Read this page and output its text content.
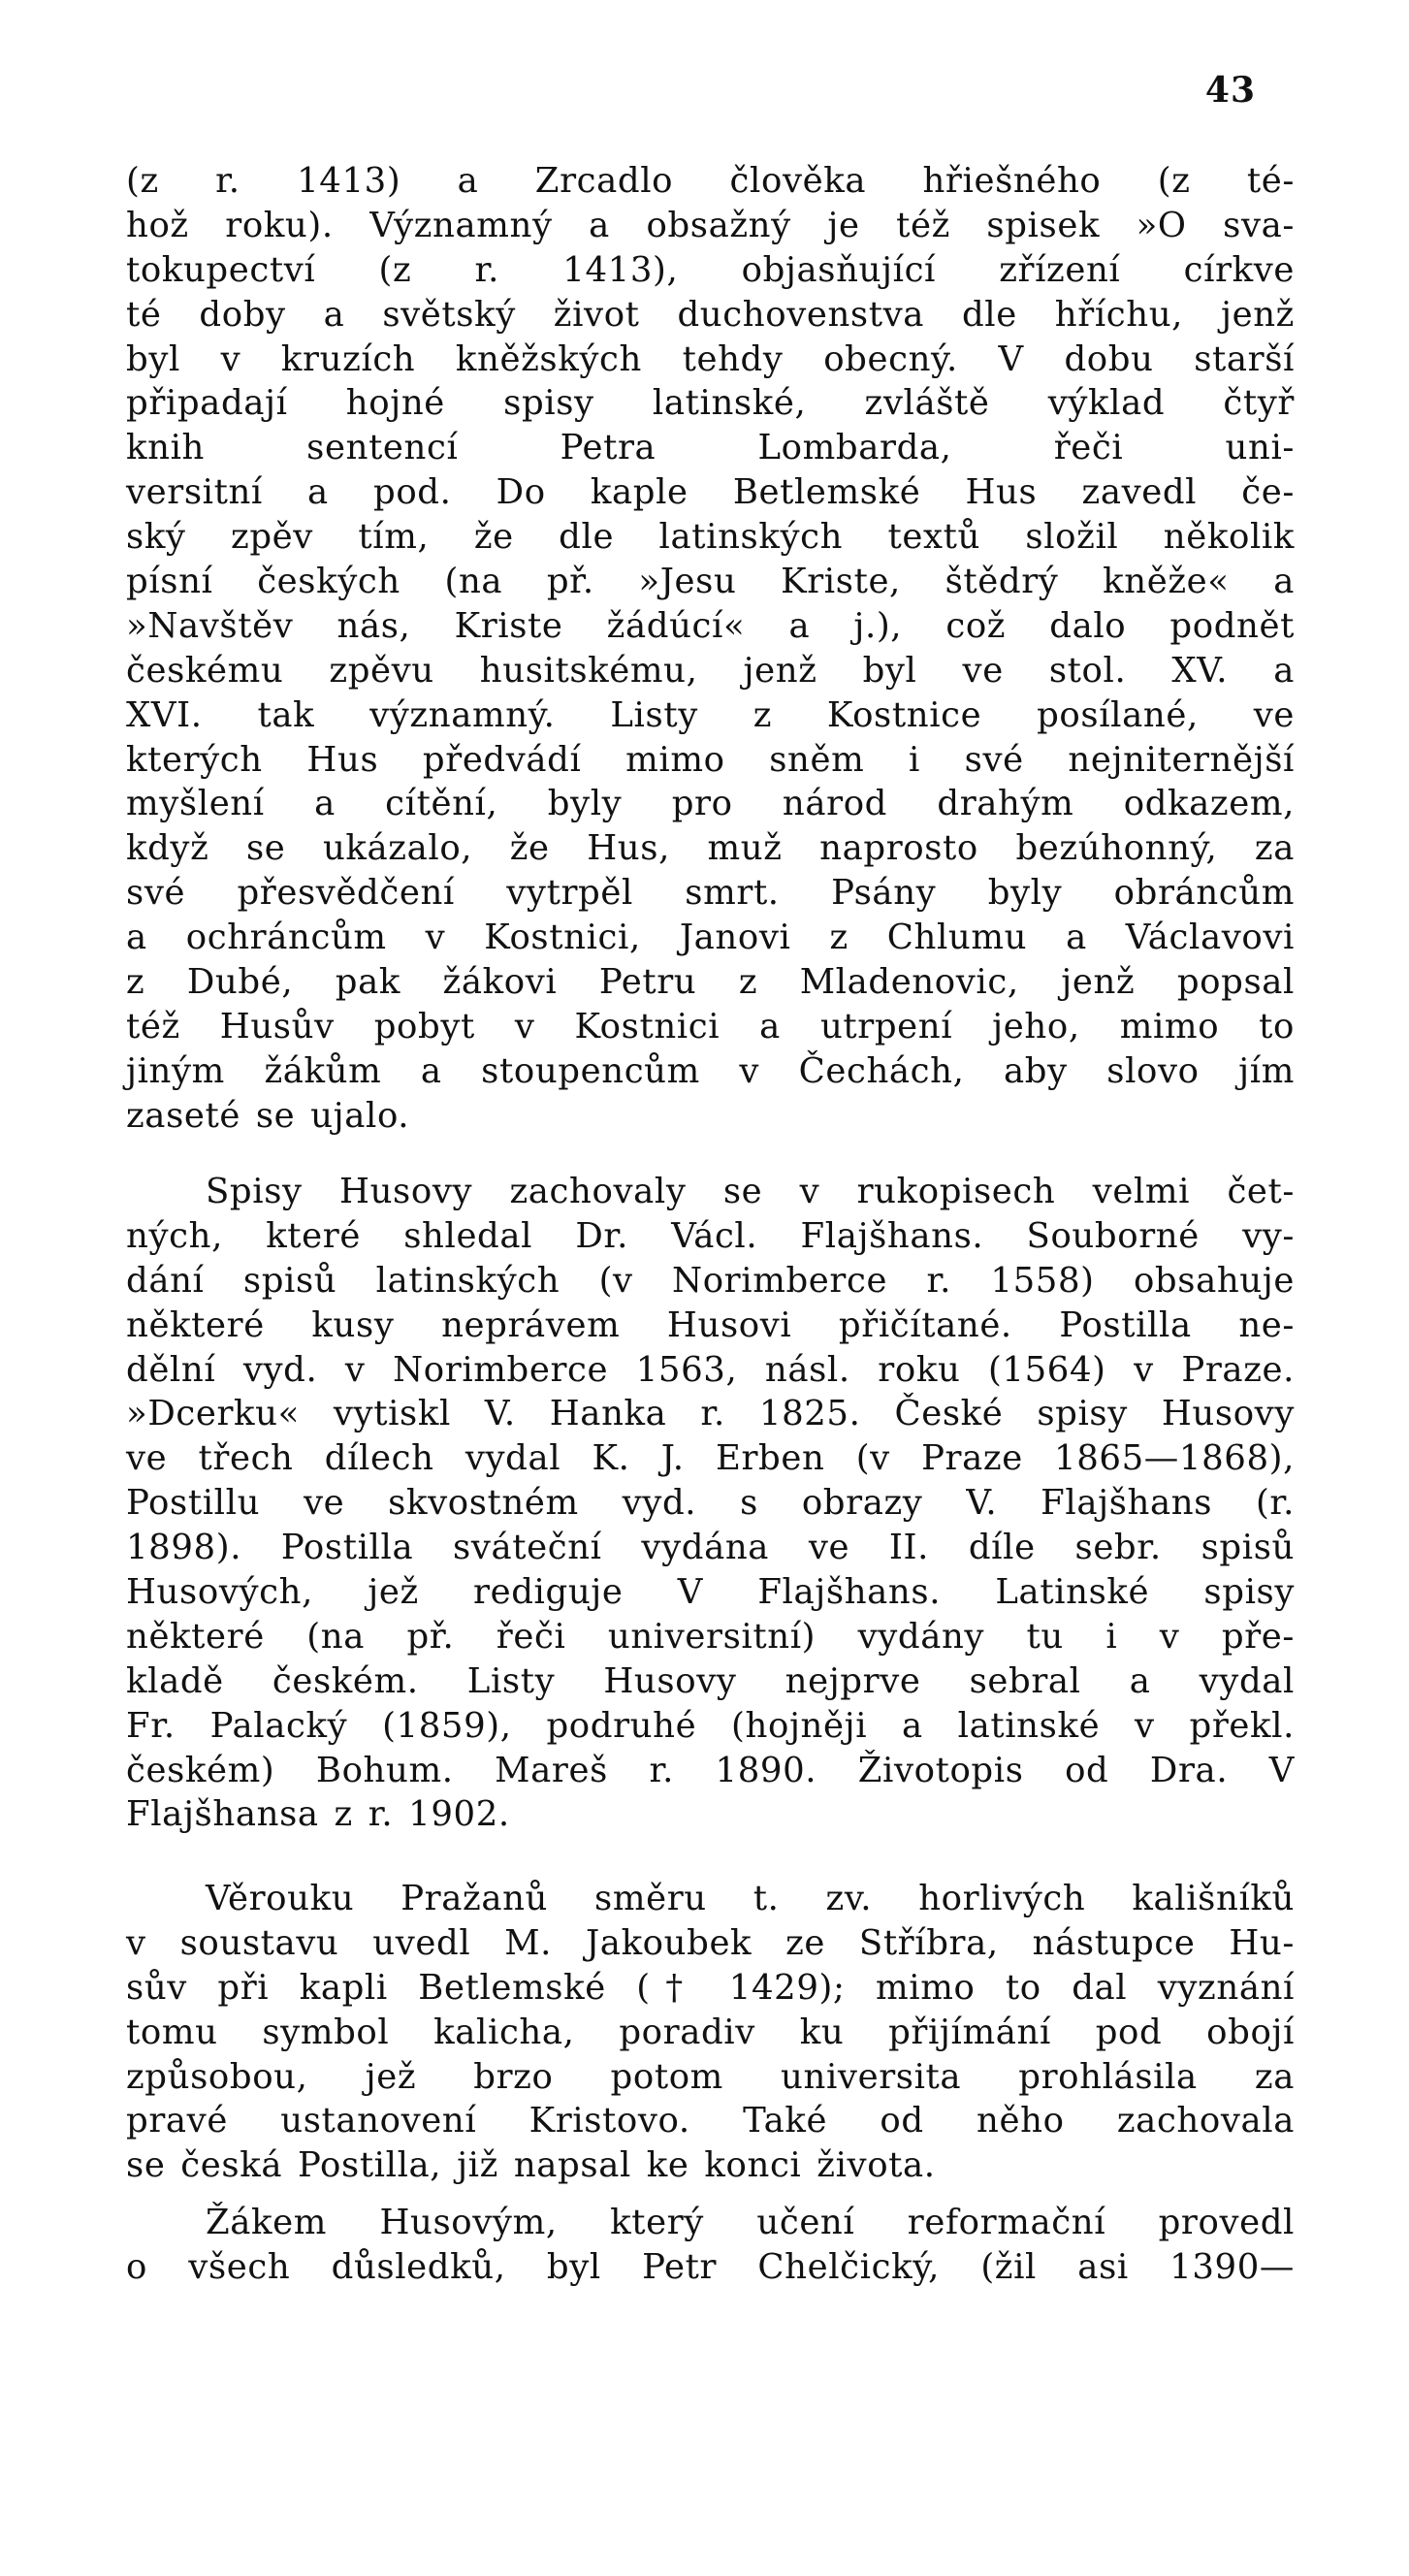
43
(z r. 1413) a Zrcadlo člověka hřiešného (z té-
hož roku). Významný a obsažný je též spisek »O sva-
tokupectví (z r. 1413), objasňující zřízení církve
té doby a světský život duchovenstva dle hříchu, jenž
byl v kruzích kněžských tehdy obecný. V dobu starší
připadají hojné spisy latinské, zvláště výklad čtyř
knih sentencí Petra Lombarda, řeči uni-
versitní a pod. Do kaple Betlemské Hus zavedl če-
ský zpěv tím, že dle latinských textů složil několik
písní českých (na př. »Jesu Kriste, štědrý kněže« a
»Navštěv nás, Kriste žádúcí« a j.), což dalo podnět
českému zpěvu husitskému, jenž byl ve stol. XV. a
XVI. tak významný. Listy z Kostnice posílané, ve
kterých Hus předvádí mimo sněm i své nejniternější
myšlení a cítění, byly pro národ drahým odkazem,
když se ukázalo, že Hus, muž naprosto bezúhonný, za
své přesvědčení vytrpěl smrt. Psány byly obráncům
a ochráncům v Kostnici, Janovi z Chlumu a Václavovi
z Dubé, pak žákovi Petru z Mladenovic, jenž popsal
též Husův pobyt v Kostnici a utrpení jeho, mimo to
jiným žákům a stoupencům v Čechách, aby slovo jím
zaseté se ujalo.
Spisy Husovy zachovaly se v rukopisech velmi čet-
ných, které shledal Dr. Václ. Flajšhans. Souborné vy-
dání spisů latinských (v Norimberce r. 1558) obsahuje
některé kusy neprávem Husovi přičítané. Postilla ne-
dělní vyd. v Norimberce 1563, násl. roku (1564) v Praze.
»Dcerku« vytiskl V. Hanka r. 1825. České spisy Husovy
ve třech dílech vydal K. J. Erben (v Praze 1865—1868),
Postillu ve skvostném vyd. s obrazy V. Flajšhans (r.
1898). Postilla sváteční vydána ve II. díle sebr. spisů
Husových, jež rediguje V Flajšhans. Latinské spisy
některé (na př. řeči universitní) vydány tu i v pře-
kladě českém. Listy Husovy nejprve sebral a vydal
Fr. Palacký (1859), podruhé (hojněji a latinské v překl.
českém) Bohum. Mareš r. 1890. Životopis od Dra. V
Flajšhansa z r. 1902.
Věrouku Pražanů směru t. zv. horlivých kališníků
v soustavu uvedl M. Jakoubek ze Stříbra, nástupce Hu-
sův při kapli Betlemské († 1429); mimo to dal vyznání
tomu symbol kalicha, poradiv ku přijímání pod obojí
způsobou, jež brzo potom universita prohlásila za
pravé ustanovení Kristovo. Také od něho zachovala
se česká Postilla, již napsal ke konci života.
Žákem Husovým, který učení reformační provedl
o všech důsledků, byl Petr Chelčický, (žil asi 1390—
